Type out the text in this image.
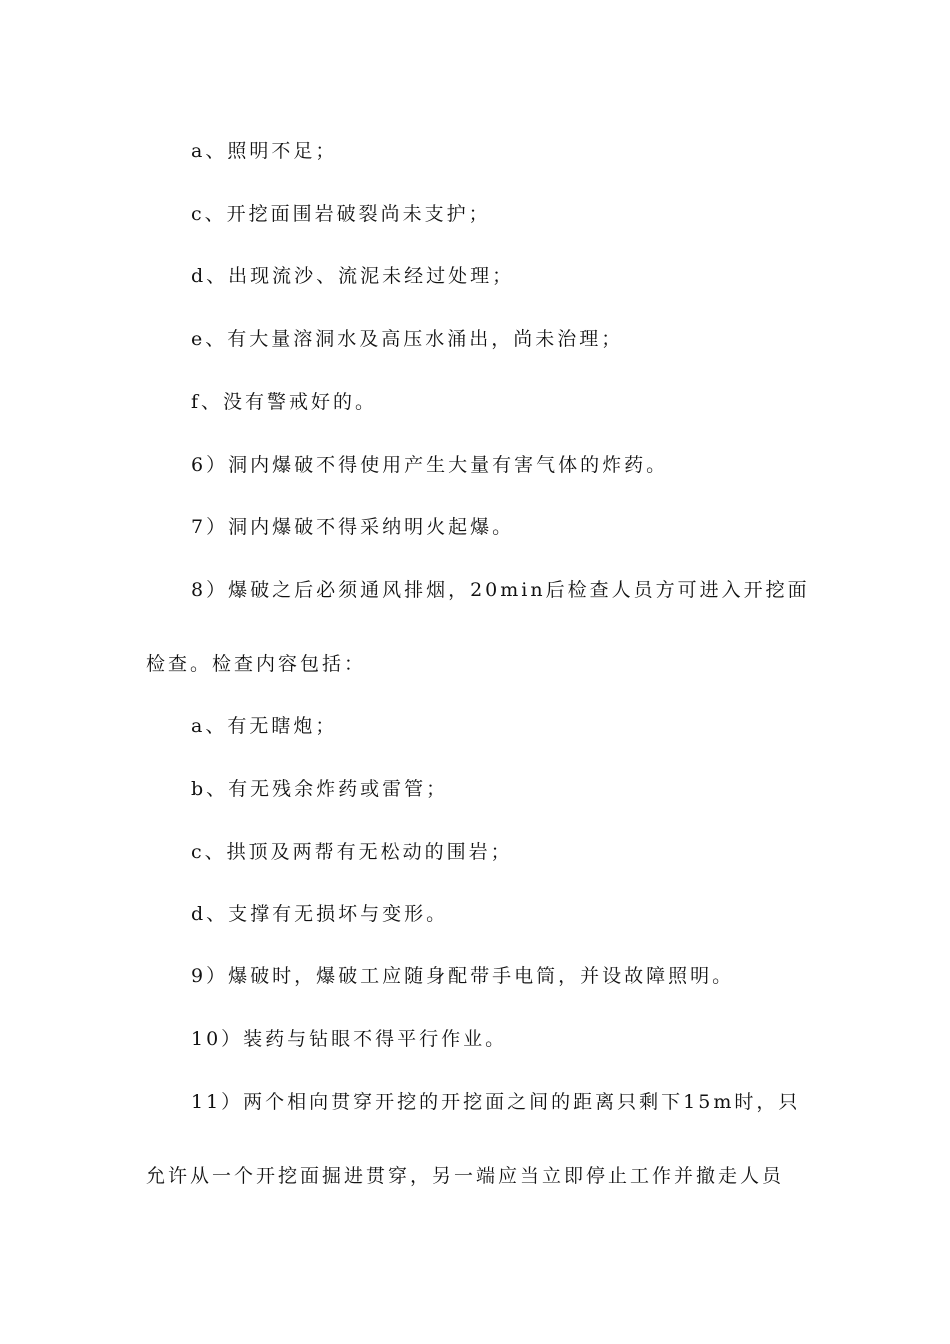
a、照明不足；
c、开挖面围岩破裂尚未支护；
d、出现流沙、流泥未经过处理；
e、有大量溶洞水及高压水涌出，尚未治理；
f、没有警戒好的。
6）洞内爆破不得使用产生大量有害气体的炸药。
7）洞内爆破不得采纳明火起爆。
8）爆破之后必须通风排烟，20min后检查人员方可进入开挖面
检查。检查内容包括：
a、有无瞎炮；
b、有无残余炸药或雷管；
c、拱顶及两帮有无松动的围岩；
d、支撑有无损坏与变形。
9）爆破时，爆破工应随身配带手电筒，并设故障照明。
10）装药与钻眼不得平行作业。
11）两个相向贯穿开挖的开挖面之间的距离只剩下15m时，只
允许从一个开挖面掘进贯穿，另一端应当立即停止工作并撤走人员
